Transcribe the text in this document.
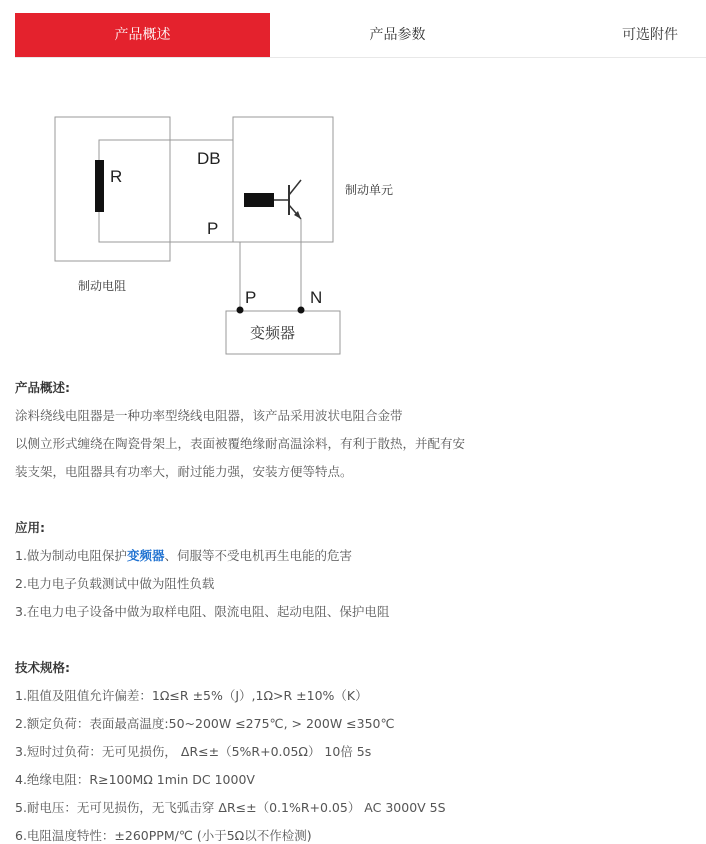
产品概述	产品参数	可选附件
R
DB
P
制动单元
制动电阻
P	N
变频器
产品概述:
涂料绕线电阻器是一种功率型绕线电阻器，该产品采用波状电阻合金带
以侧立形式缠绕在陶瓷骨架上，表面被覆绝缘耐高温涂料，有利于散热，并配有安
装支架，电阻器具有功率大，耐过能力强，安装方便等特点。
应用:
1.做为制动电阻保护变频器、伺服等不受电机再生电能的危害
2.电力电子负载测试中做为阻性负载
3.在电力电子设备中做为取样电阻、限流电阻、起动电阻、保护电阻
技术规格:
1.阻值及阻值允许偏差：1Ω≤R ±5%（J）,1Ω>R ±10%（K）
2.额定负荷：表面最高温度:50~200W ≤275℃, > 200W ≤350℃
3.短时过负荷：无可见损伤， ΔR≤±（5%R+0.05Ω） 10倍 5s
4.绝缘电阻：R≥100MΩ 1min DC 1000V
5.耐电压：无可见损伤，无飞弧击穿 ΔR≤±（0.1%R+0.05） AC 3000V 5S
6.电阻温度特性：±260PPM/℃ (小于5Ω以不作检测)
